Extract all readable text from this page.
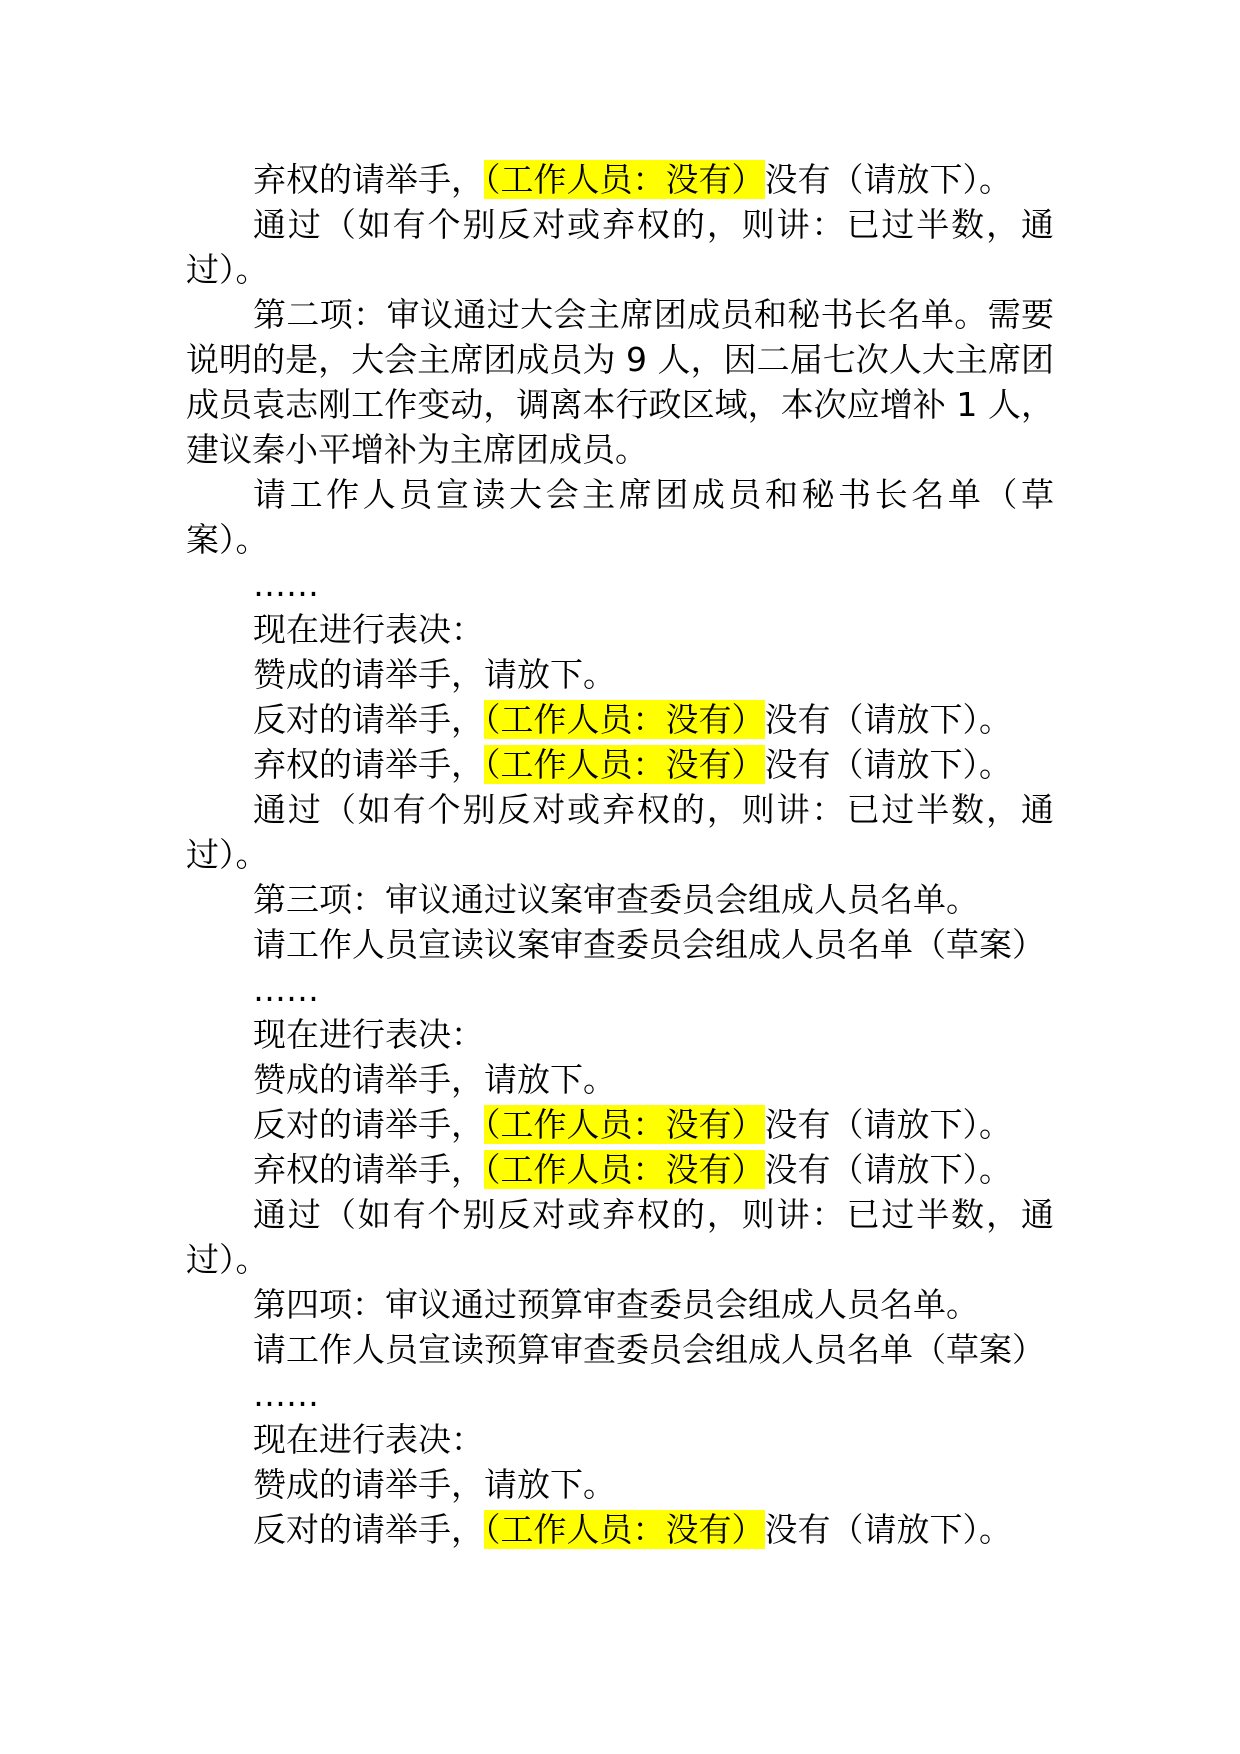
弃权的请举手，（工作人员：没有）没有（请放下）。

通过（如有个别反对或弃权的，则讲：已过半数，通过）。

第二项：审议通过大会主席团成员和秘书长名单。需要说明的是，大会主席团成员为 9 人，因二届七次人大主席团成员袁志刚工作变动，调离本行政区域，本次应增补 1 人，建议秦小平增补为主席团成员。

请工作人员宣读大会主席团成员和秘书长名单（草案）。

……

现在进行表决：

赞成的请举手，请放下。

反对的请举手，（工作人员：没有）没有（请放下）。

弃权的请举手，（工作人员：没有）没有（请放下）。

通过（如有个别反对或弃权的，则讲：已过半数，通过）。

第三项：审议通过议案审查委员会组成人员名单。

请工作人员宣读议案审查委员会组成人员名单（草案）

……

现在进行表决：

赞成的请举手，请放下。

反对的请举手，（工作人员：没有）没有（请放下）。

弃权的请举手，（工作人员：没有）没有（请放下）。

通过（如有个别反对或弃权的，则讲：已过半数，通过）。

第四项：审议通过预算审查委员会组成人员名单。

请工作人员宣读预算审查委员会组成人员名单（草案）

……

现在进行表决：

赞成的请举手，请放下。

反对的请举手，（工作人员：没有）没有（请放下）。
